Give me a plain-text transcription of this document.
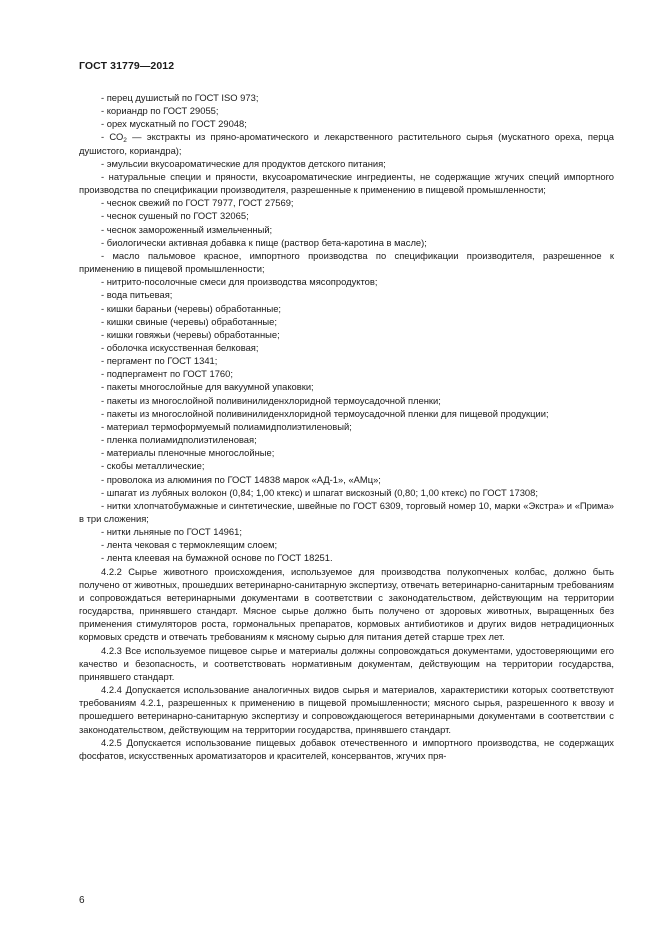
ГОСТ 31779—2012

- перец душистый по ГОСТ ISO 973;

- кориандр по ГОСТ 29055;

- орех мускатный по ГОСТ 29048;

- $СО_2$ — экстракты из пряно-ароматического и лекарственного растительного сырья (мускатного ореха, перца душистого, кориандра);

- эмульсии вкусоароматические для продуктов детского питания;

- натуральные специи и пряности, вкусоароматические ингредиенты, не содержащие жгучих специй импортного производства по спецификации производителя, разрешенные к применению в пищевой промышленности;

- чеснок свежий по ГОСТ 7977, ГОСТ 27569;

- чеснок сушеный по ГОСТ 32065;

- чеснок замороженный измельченный;

- биологически активная добавка к пище (раствор бета-каротина в масле);

- масло пальмовое красное, импортного производства по спецификации производителя, разрешенное к применению в пищевой промышленности;

- нитрито-посолочные смеси для производства мясопродуктов;

- вода питьевая;

- кишки бараньи (черевы) обработанные;

- кишки свиные (черевы) обработанные;

- кишки говяжьи (черевы) обработанные;

- оболочка искусственная белковая;

- пергамент по ГОСТ 1341;

- подпергамент по ГОСТ 1760;

- пакеты многослойные для вакуумной упаковки;

- пакеты из многослойной поливинилиденхлоридной термоусадочной пленки;

- пакеты из многослойной поливинилиденхлоридной термоусадочной пленки для пищевой продукции;

- материал термоформуемый полиамидполиэтиленовый;

- пленка полиамидполиэтиленовая;

- материалы пленочные многослойные;

- скобы металлические;

- проволока из алюминия по ГОСТ 14838 марок «АД-1», «АМц»;

- шпагат из лубяных волокон (0,84; 1,00 ктекс) и шпагат вискозный (0,80; 1,00 ктекс) по ГОСТ 17308;

- нитки хлопчатобумажные и синтетические, швейные по ГОСТ 6309, торговый номер 10, марки «Экстра» и «Прима» в три сложения;

- нитки льняные по ГОСТ 14961;

- лента чековая с термоклеящим слоем;

- лента клеевая на бумажной основе по ГОСТ 18251.

4.2.2 Сырье животного происхождения, используемое для производства полукопченых колбас, должно быть получено от животных, прошедших ветеринарно-санитарную экспертизу, отвечать ветеринарно-санитарным требованиям и сопровождаться ветеринарными документами в соответствии с законодательством, действующим на территории государства, принявшего стандарт. Мясное сырье должно быть получено от здоровых животных, выращенных без применения стимуляторов роста, гормональных препаратов, кормовых антибиотиков и других видов нетрадиционных кормовых средств и отвечать требованиям к мясному сырью для питания детей старше трех лет.

4.2.3 Все используемое пищевое сырье и материалы должны сопровождаться документами, удостоверяющими его качество и безопасность, и соответствовать нормативным документам, действующим на территории государства, принявшего стандарт.

4.2.4 Допускается использование аналогичных видов сырья и материалов, характеристики которых соответствуют требованиям 4.2.1, разрешенных к применению в пищевой промышленности; мясного сырья, разрешенного к ввозу и прошедшего ветеринарно-санитарную экспертизу и сопровождающегося ветеринарными документами в соответствии с законодательством, действующим на территории государства, принявшего стандарт.

4.2.5 Допускается использование пищевых добавок отечественного и импортного производства, не содержащих фосфатов, искусственных ароматизаторов и красителей, консервантов, жгучих пря-

6
